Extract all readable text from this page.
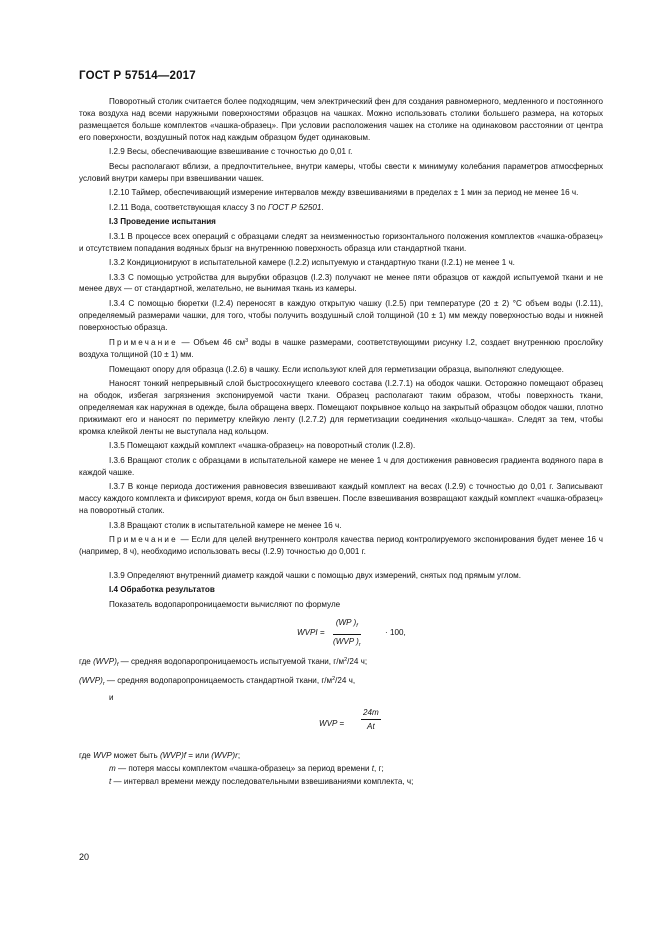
ГОСТ Р 57514—2017

Поворотный столик считается более подходящим, чем электрический фен для создания равномерного, медленного и постоянного тока воздуха над всеми наружными поверхностями образцов на чашках. Можно использовать столики большего размера, на которых размещается больше комплектов «чашка-образец». При условии расположения чашек на столике на одинаковом расстоянии от центра его поверхности, воздушный поток над каждым образцом будет одинаковым.

I.2.9 Весы, обеспечивающие взвешивание с точностью до 0,01 г.

Весы располагают вблизи, а предпочтительнее, внутри камеры, чтобы свести к минимуму колебания параметров атмосферных условий внутри камеры при взвешивании чашек.

I.2.10 Таймер, обеспечивающий измерение интервалов между взвешиваниями в пределах ± 1 мин за период не менее 16 ч.

I.2.11 Вода, соответствующая классу 3 по ГОСТ Р 52501.

I.3 Проведение испытания

I.3.1 В процессе всех операций с образцами следят за неизменностью горизонтального положения комплектов «чашка-образец» и отсутствием попадания водяных брызг на внутреннюю поверхность образца или стандартной ткани.

I.3.2 Кондиционируют в испытательной камере (I.2.2) испытуемую и стандартную ткани (I.2.1) не менее 1 ч.

I.3.3 С помощью устройства для вырубки образцов (I.2.3) получают не менее пяти образцов от каждой испытуемой ткани и не менее двух — от стандартной, желательно, не вынимая ткань из камеры.

I.3.4 С помощью бюретки (I.2.4) переносят в каждую открытую чашку (I.2.5) при температуре (20 ± 2) °С объем воды (I.2.11), определяемый размерами чашки, для того, чтобы получить воздушный слой толщиной (10 ± 1) мм между поверхностью воды и нижней поверхностью образца.

Примечание — Объем 46 $см^3$ воды в чашке размерами, соответствующими рисунку I.2, создает внутреннюю прослойку воздуха толщиной (10 ± 1) мм.

Помещают опору для образца (I.2.6) в чашку. Если используют клей для герметизации образца, выполняют следующее.

Наносят тонкий непрерывный слой быстросохнущего клеевого состава (I.2.7.1) на ободок чашки. Осторожно помещают образец на ободок, избегая загрязнения экспонируемой части ткани. Образец располагают таким образом, чтобы поверхность ткани, определяемая как наружная в одежде, была обращена вверх. Помещают покрывное кольцо на закрытый образцом ободок чашки, плотно прижимают его и наносят по периметру клейкую ленту (I.2.7.2) для герметизации соединения «кольцо-чашка». Следят за тем, чтобы кромка клейкой ленты не выступала над кольцом.

I.3.5 Помещают каждый комплект «чашка-образец» на поворотный столик (I.2.8).

I.3.6 Вращают столик с образцами в испытательной камере не менее 1 ч для достижения равновесия градиента водяного пара в каждой чашке.

I.3.7 В конце периода достижения равновесия взвешивают каждый комплект на весах (I.2.9) с точностью до 0,01 г. Записывают массу каждого комплекта и фиксируют время, когда он был взвешен. После взвешивания возвращают каждый комплект «чашка-образец» на поворотный столик.

I.3.8 Вращают столик в испытательной камере не менее 16 ч.

Примечание — Если для целей внутреннего контроля качества период контролируемого экспонирования будет менее 16 ч (например, 8 ч), необходимо использовать весы (I.2.9) точностью до 0,001 г.

I.3.9 Определяют внутренний диаметр каждой чашки с помощью двух измерений, снятых под прямым углом.

I.4 Обработка результатов

Показатель водопаропроницаемости вычисляют по формуле

WVPI =
(WP )$_f$
(WVP )$_r$
· 100,

где $(WVP)_f$ — средняя водопаропроницаемость испытуемой ткани, $г/м^2/24$ ч;

$(WVP)_r$ — средняя водопаропроницаемость стандартной ткани, $г/м^2/24$ ч,

и

WVP = $\frac{24m}{At}$

где WVP может быть (WVP)f = или (WVP)r;

m — потеря массы комплектом «чашка-образец» за период времени t, г;

t — интервал времени между последовательными взвешиваниями комплекта, ч;

20
